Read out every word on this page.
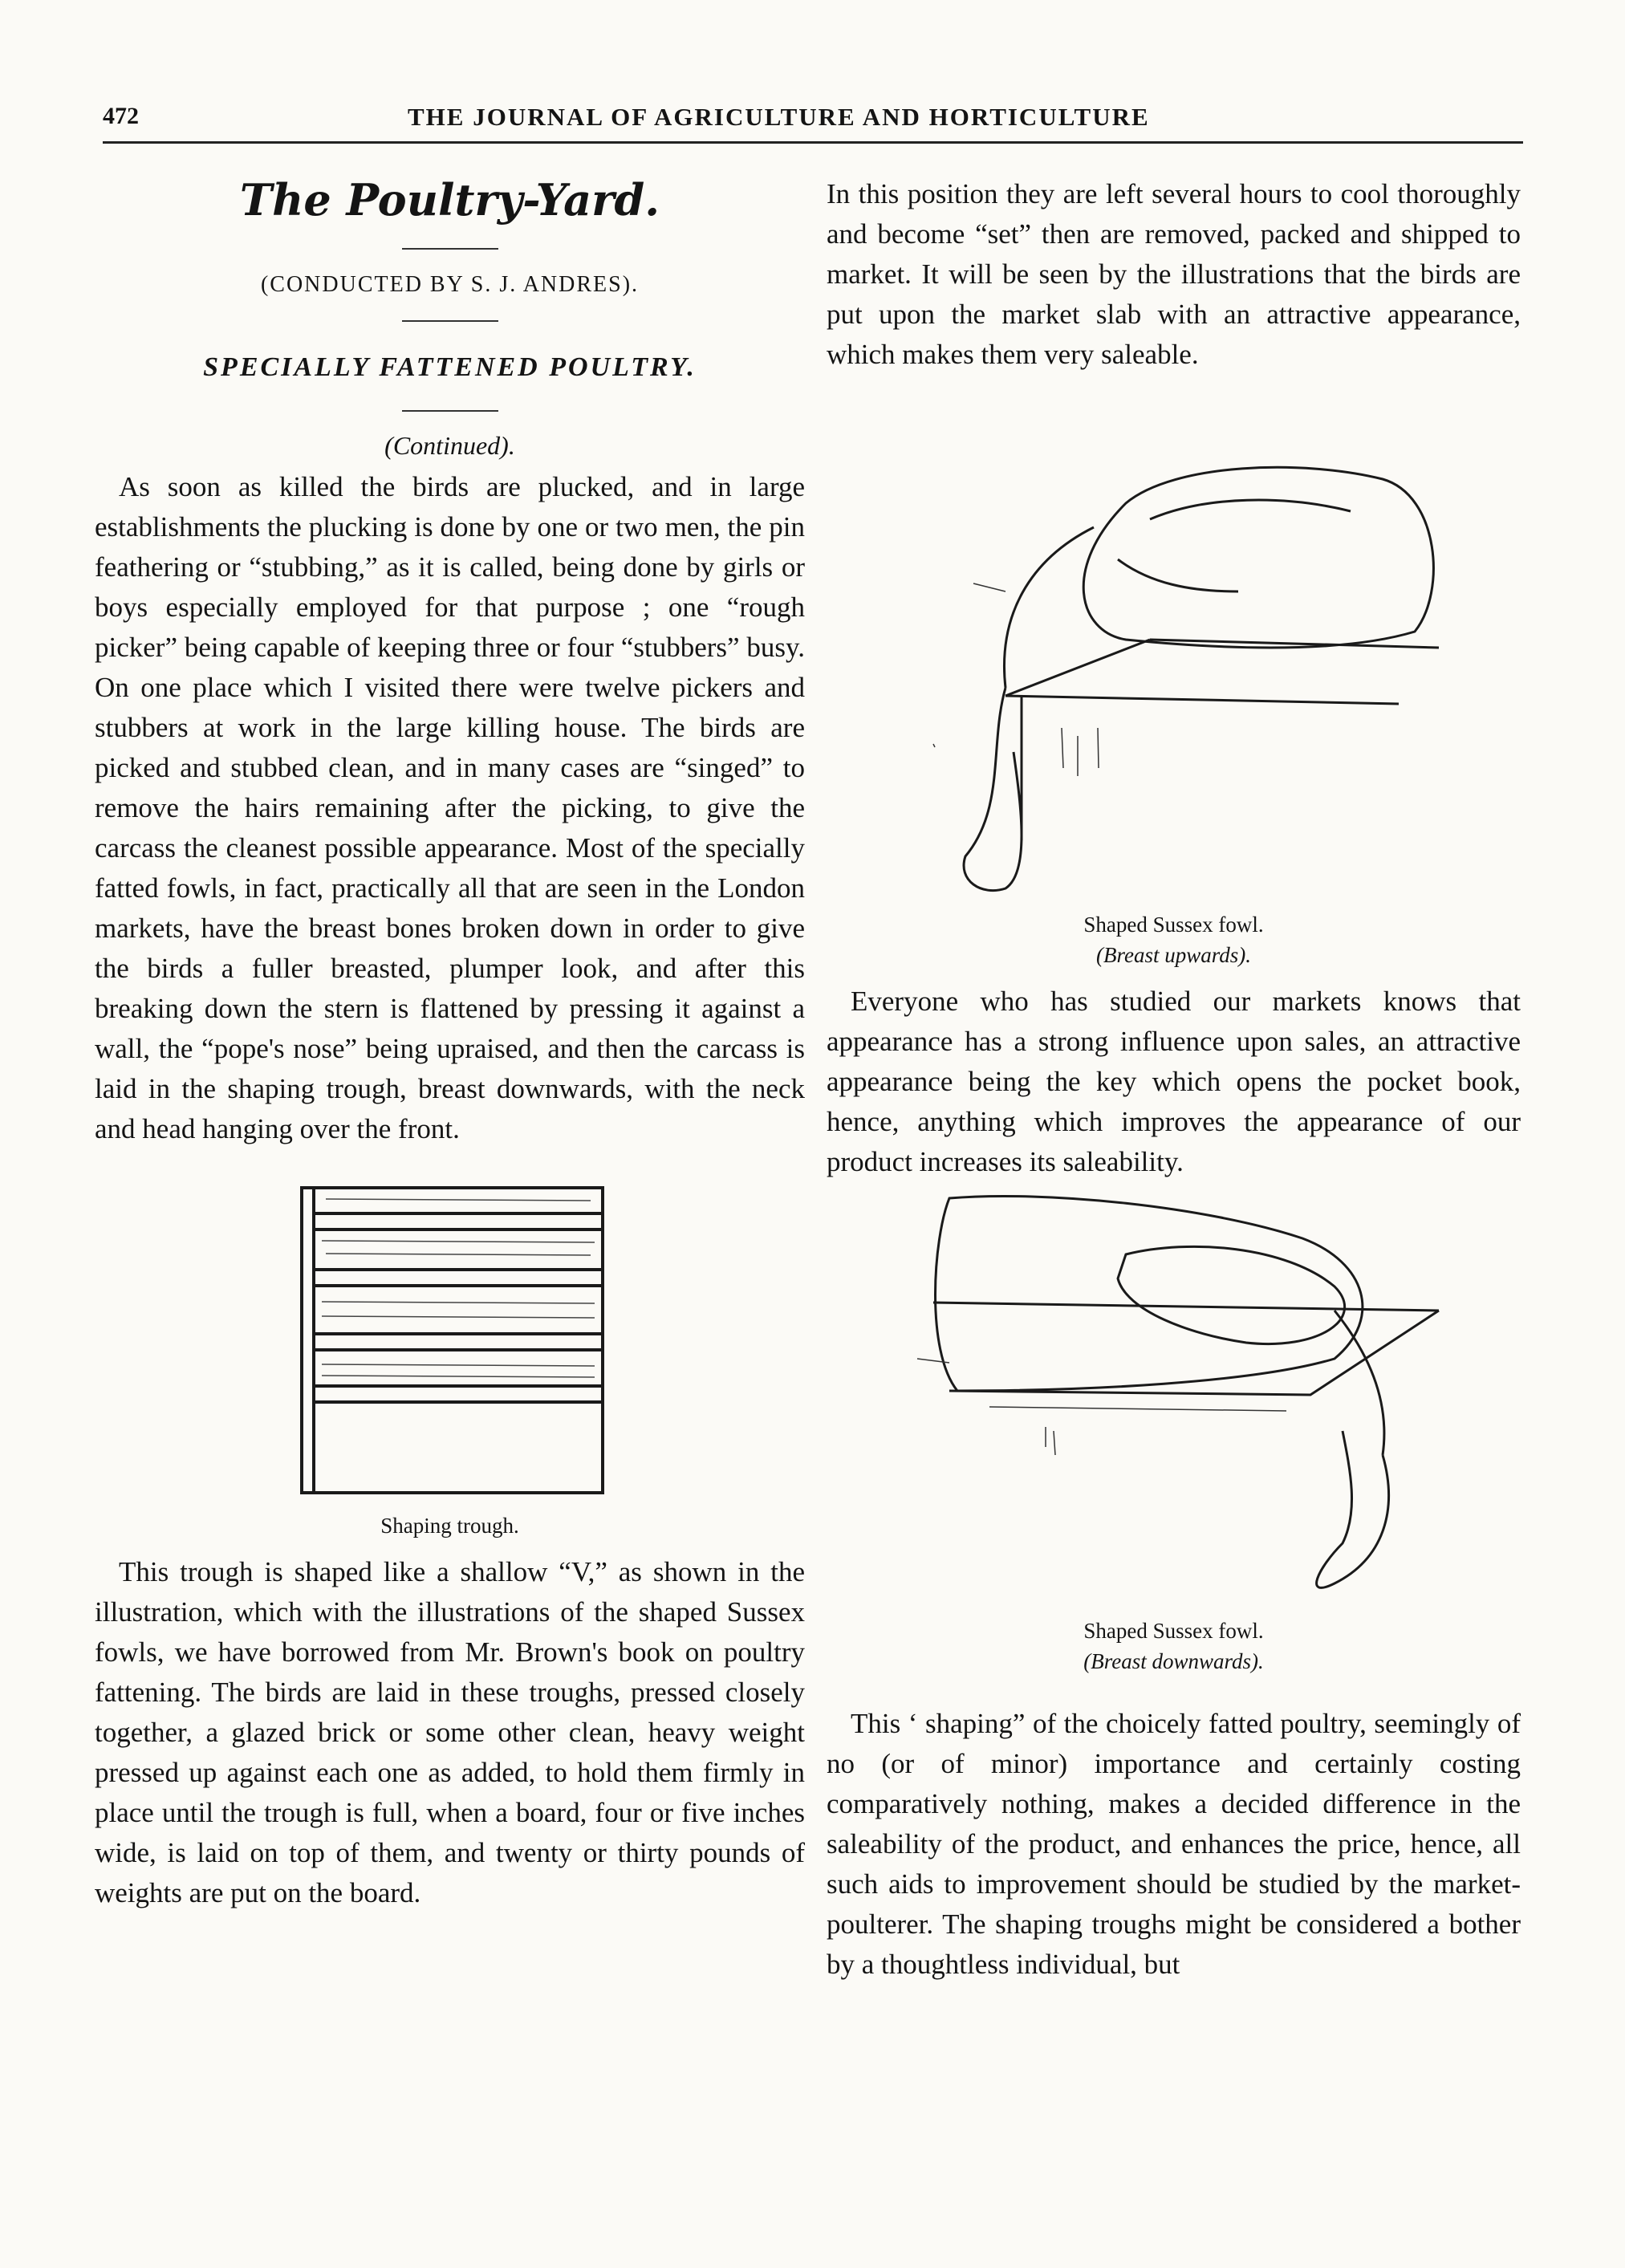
472	THE JOURNAL OF AGRICULTURE AND HORTICULTURE
The Poultry-Yard.
(CONDUCTED BY S. J. ANDRES).
SPECIALLY FATTENED POULTRY.
(Continued).

As soon as killed the birds are plucked, and in large establishments the plucking is done by one or two men, the pin feathering or “stubbing,” as it is called, being done by girls or boys especially employed for that purpose ; one “rough picker” being capable of keeping three or four “stubbers” busy. On one place which I visited there were twelve pickers and stubbers at work in the large killing house. The birds are picked and stubbed clean, and in many cases are “singed” to remove the hairs remaining after the picking, to give the carcass the cleanest possible appearance. Most of the specially fatted fowls, in fact, practically all that are seen in the London markets, have the breast bones broken down in order to give the birds a fuller breasted, plumper look, and after this breaking down the stern is flattened by pressing it against a wall, the “pope's nose” being upraised, and then the carcass is laid in the shaping trough, breast downwards, with the neck and head hanging over the front.

Shaping trough.

This trough is shaped like a shallow “V,” as shown in the illustration, which with the illustrations of the shaped Sussex fowls, we have borrowed from Mr. Brown's book on poultry fattening. The birds are laid in these troughs, pressed closely together, a glazed brick or some other clean, heavy weight pressed up against each one as added, to hold them firmly in place until the trough is full, when a board, four or five inches wide, is laid on top of them, and twenty or thirty pounds of weights are put on the board.

In this position they are left several hours to cool thoroughly and become “set” then are removed, packed and shipped to market. It will be seen by the illustrations that the birds are put upon the market slab with an attractive appearance, which makes them very saleable.

Shaped Sussex fowl.
(Breast upwards).

Everyone who has studied our markets knows that appearance has a strong influence upon sales, an attractive appearance being the key which opens the pocket book, hence, anything which improves the appearance of our product increases its saleability.

Shaped Sussex fowl.
(Breast downwards).

This ‘ shaping” of the choicely fatted poultry, seemingly of no (or of minor) importance and certainly costing comparatively nothing, makes a decided difference in the saleability of the product, and enhances the price, hence, all such aids to improvement should be studied by the market-poulterer. The shaping troughs might be considered a bother by a thoughtless individual, but
